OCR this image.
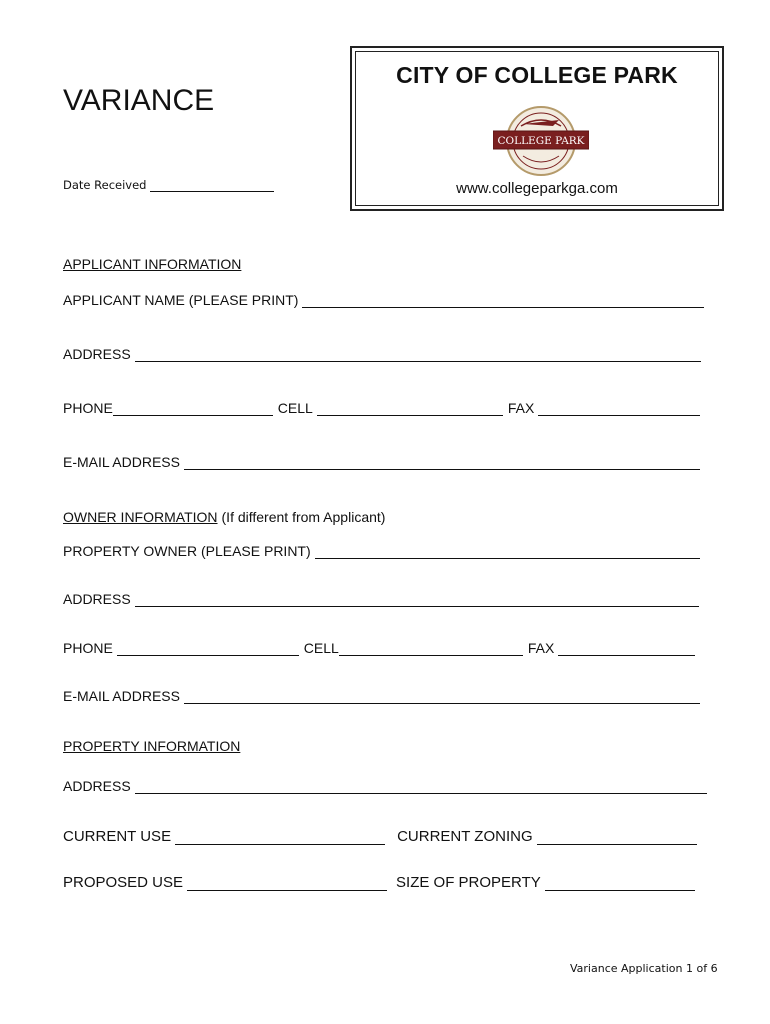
VARIANCE
Date Received
CITY OF COLLEGE PARK
COLLEGE PARK
www.collegeparkga.com
APPLICANT INFORMATION
APPLICANT NAME (PLEASE PRINT)
ADDRESS
PHONE	CELL	FAX
E-MAIL ADDRESS
OWNER INFORMATION (If different from Applicant)
PROPERTY OWNER (PLEASE PRINT)
ADDRESS
PHONE	CELL	FAX
E-MAIL ADDRESS
PROPERTY INFORMATION
ADDRESS
CURRENT USE	CURRENT ZONING
PROPOSED USE	SIZE OF PROPERTY
Variance Application 1 of 6
